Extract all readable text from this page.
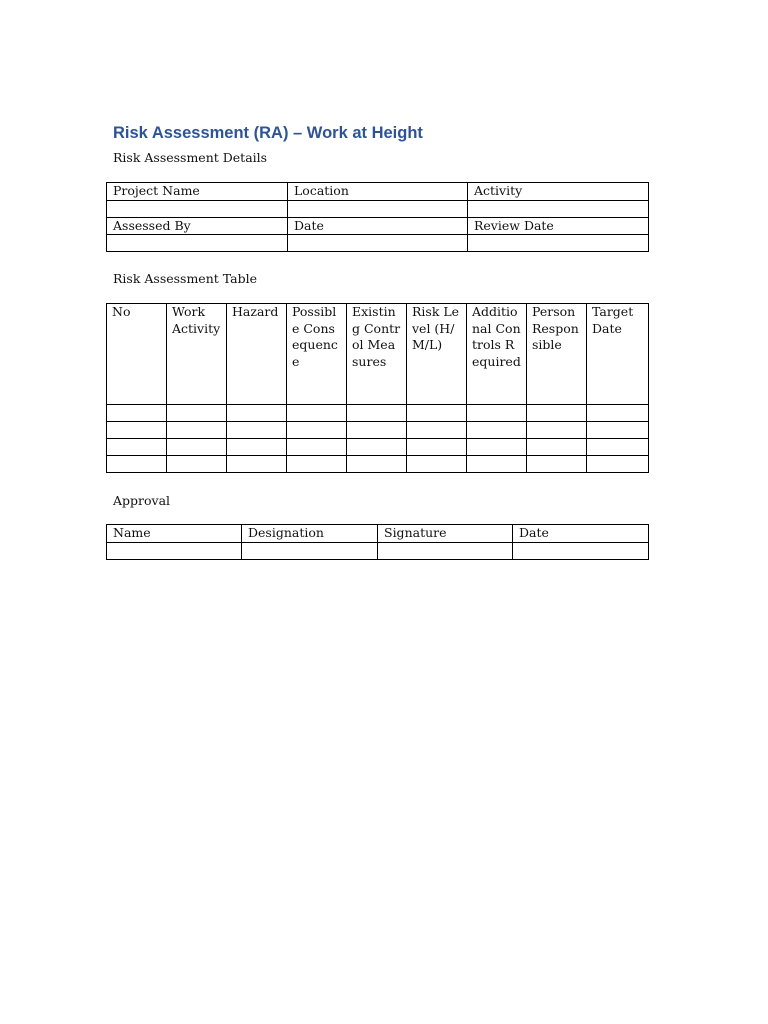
Risk Assessment (RA) – Work at Height
Risk Assessment Details
Project Name	Location	Activity

Assessed By	Date	Review Date

Risk Assessment Table
No	Work Activity	Hazard	Possible Consequence	Existing Control Measures	Risk Level (H/M/L)	Additional Controls Required	Person Responsible	Target Date

Approval
Name	Designation	Signature	Date
